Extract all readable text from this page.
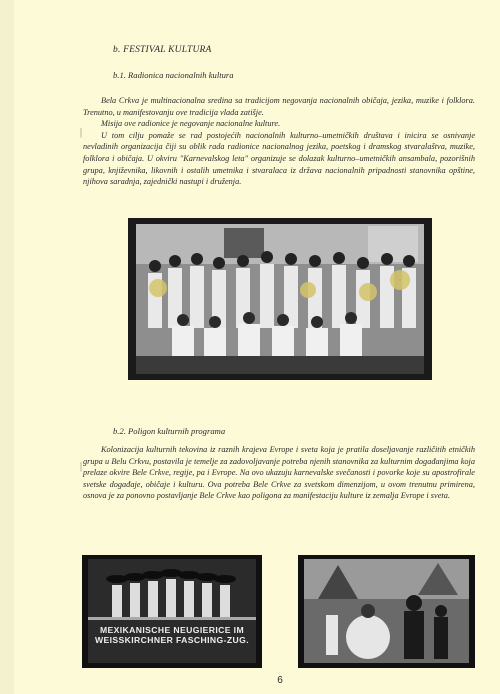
b. FESTIVAL KULTURA
b.1. Radionica nacionalnih kultura

Bela Crkva je multinacionalna sredina sa tradicijom negovanja nacionalnih običaja, jezika, muzike i folklora. Trenutno, u manifestovanju ove tradicija vlada zatišje.

Misija ove radionice je negovanje nacionalne kulture.

U tom cilju pomaže se rad postojećih nacionalnih kulturno–umetničkih društava i inicira se osnivanje nevladinih organizacija čiji su oblik rada radionice nacionalnog jezika, poetskog i dramskog stvaralaštva, muzike, folklora i običaja. U okviru "Karnevalskog leta" organizuje se dolazak kulturno–umetničkih ansambala, pozorišnih grupa, književnika, likovnih i ostalih umetnika i stvaralaca iz država nacionalnih pripadnosti stanovnika opštine, njihova saradnja, zajednički nastupi i druženja.

|
b.2. Poligon kulturnih programa

Kolonizacija kulturnih tekovina iz raznih krajeva Evrope i sveta koja je pratila doseljavanje različitih etničkih grupa u Belu Crkvu, postavila je temelje za zadovoljavanje potreba njenih stanovnika za kulturnim događanjima koja prelaze okvire Bele Crkve, regije, pa i Evrope. Na ovo ukazuju karnevalske svečanosti i povorke koje su apostrofirale svetske događaje, običaje i kulturu. Ova potreba Bele Crkve za svetskom dimenzijom, u ovom trenutnu primirena, osnova je za ponovno postavljanje Bele Crkve kao poligona za manifestaciju kulture iz zemalja Evrope i sveta.

|
MEXIKANISCHE NEUGIERICE IM
WEISSKIRCHNER FASCHING-ZUG.
6
